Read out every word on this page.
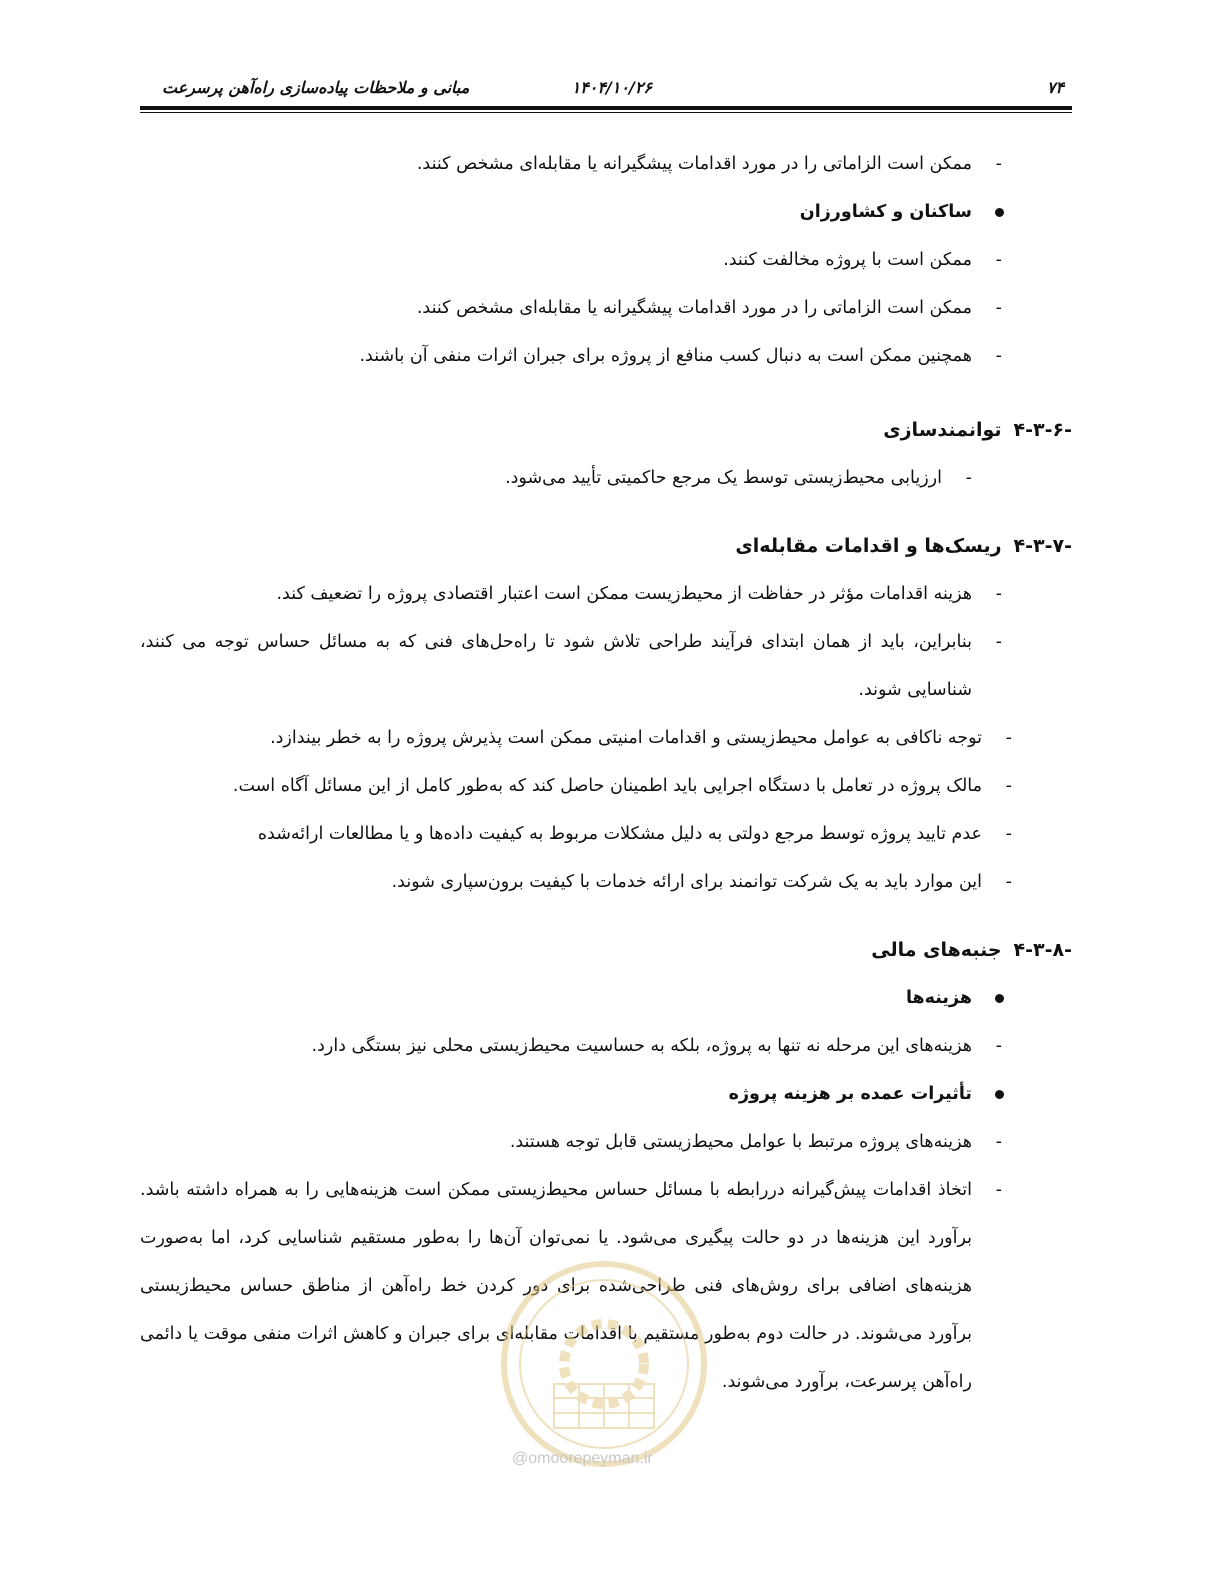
۷۴
۱۴۰۴/۱۰/۲۶
مبانی و ملاحظات پیاده‌سازی راه‌آهن پرسرعت
-
ممکن است الزاماتی را در مورد اقدامات پیشگیرانه یا مقابله‌ای مشخص کنند.
ساکنان و کشاورزان
-
ممکن است با پروژه مخالفت کنند.
-
ممکن است الزاماتی را در مورد اقدامات پیشگیرانه یا مقابله‌ای مشخص کنند.
-
همچنین ممکن است به دنبال کسب منافع از پروژه برای جبران اثرات منفی آن باشند.
۴-۳-۶-توانمندسازی
-
ارزیابی محیط‌زیستی توسط یک مرجع حاکمیتی تأیید می‌شود.
۴-۳-۷-ریسک‌ها و اقدامات مقابله‌ای
-
هزینه اقدامات مؤثر در حفاظت از محیط‌زیست ممکن است اعتبار اقتصادی پروژه را تضعیف کند.
-
بنابراین، باید از همان ابتدای فرآیند طراحی تلاش شود تا راه‌حل‌های فنی که به مسائل حساس توجه می کنند، شناسایی شوند.
-
توجه ناکافی به عوامل محیط‌زیستی و اقدامات امنیتی ممکن است پذیرش پروژه را به خطر بیندازد.
-
مالک پروژه در تعامل با دستگاه اجرایی باید اطمینان حاصل کند که به‌طور کامل از این مسائل آگاه است.
-
عدم تایید پروژه توسط مرجع دولتی به دلیل مشکلات مربوط به کیفیت داده‌ها و یا مطالعات ارائه‌شده
-
این موارد باید به یک شرکت توانمند برای ارائه خدمات با کیفیت برون‌سپاری شوند.
۴-۳-۸-جنبه‌های مالی
هزینه‌ها
-
هزینه‌های این مرحله نه تنها به پروژه، بلکه به حساسیت محیط‌زیستی محلی نیز بستگی دارد.
تأثیرات عمده بر هزینه پروژه
-
هزینه‌های پروژه مرتبط با عوامل محیط‌زیستی قابل توجه هستند.
-
اتخاذ اقدامات پیش‌گیرانه دررابطه با مسائل حساس محیط‌زیستی ممکن است هزینه‌هایی را به همراه داشته باشد. برآورد این هزینه‌ها در دو حالت پیگیری می‌شود. یا نمی‌توان آن‌ها را به‌طور مستقیم شناسایی کرد، اما به‌صورت هزینه‌های اضافی برای روش‌های فنی طراحی‌شده برای دور کردن خط راه‌آهن از مناطق حساس محیط‌زیستی برآورد می‌شوند. در حالت دوم به‌طور مستقیم با اقدامات مقابله‌ای برای جبران و کاهش اثرات منفی موقت یا دائمی راه‌آهن پرسرعت، برآورد می‌شوند.
@omoorepeyman.ir
